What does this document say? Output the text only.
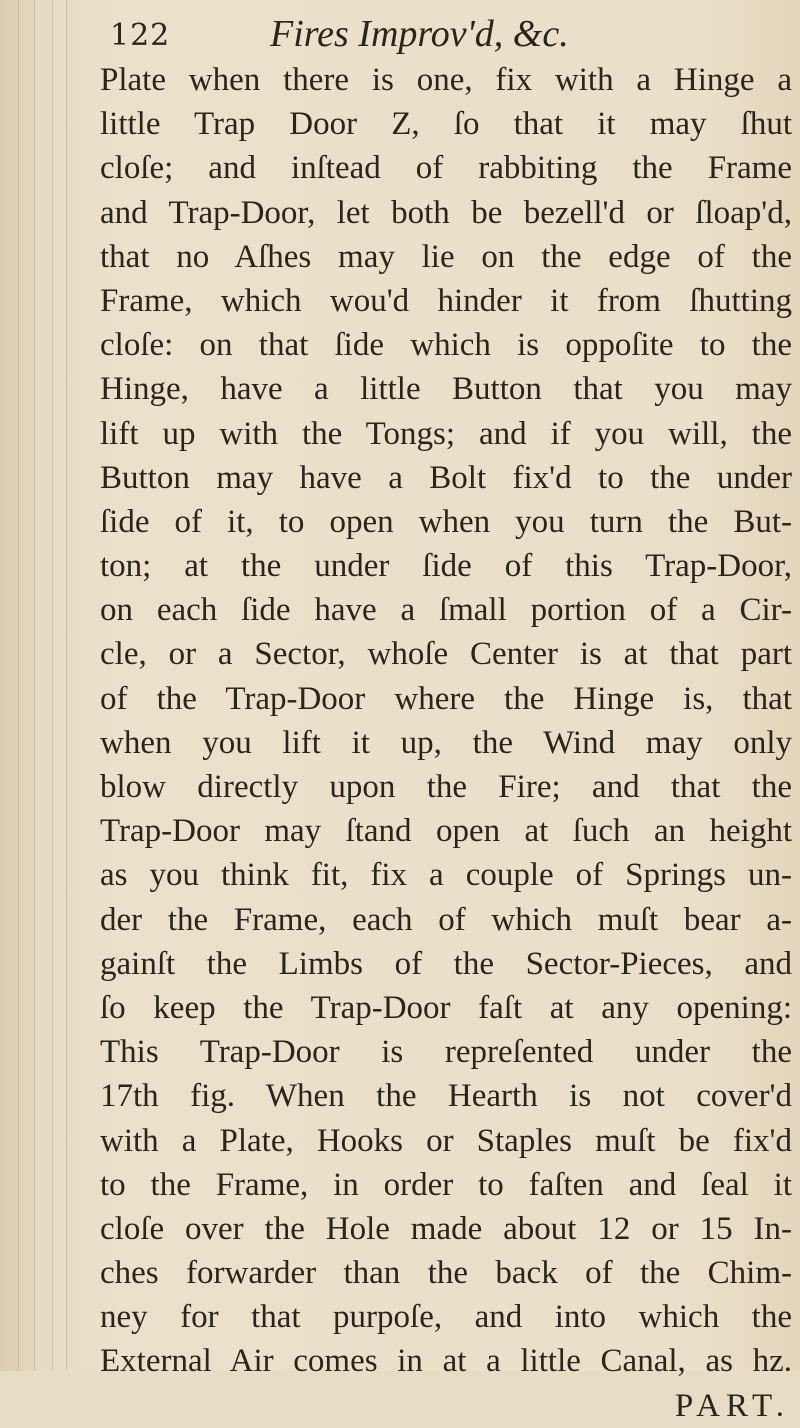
122	Fires Improv'd, &c.
Plate when there is one, fix with a Hinge a
little Trap Door Z, ſo that it may ſhut
cloſe; and inſtead of rabbiting the Frame
and Trap-Door, let both be bezell'd or ſloap'd,
that no Aſhes may lie on the edge of the
Frame, which wou'd hinder it from ſhutting
cloſe: on that ſide which is oppoſite to the
Hinge, have a little Button that you may
lift up with the Tongs; and if you will, the
Button may have a Bolt fix'd to the under
ſide of it, to open when you turn the But-
ton; at the under ſide of this Trap-Door,
on each ſide have a ſmall portion of a Cir-
cle, or a Sector, whoſe Center is at that part
of the Trap-Door where the Hinge is, that
when you lift it up, the Wind may only
blow directly upon the Fire; and that the
Trap-Door may ſtand open at ſuch an height
as you think fit, fix a couple of Springs un-
der the Frame, each of which muſt bear a-
gainſt the Limbs of the Sector-Pieces, and
ſo keep the Trap-Door faſt at any opening:
This Trap-Door is repreſented under the
17th fig. When the Hearth is not cover'd
with a Plate, Hooks or Staples muſt be fix'd
to the Frame, in order to faſten and ſeal it
cloſe over the Hole made about 12 or 15 In-
ches forwarder than the back of the Chim-
ney for that purpoſe, and into which the
External Air comes in at a little Canal, as hz.
PART.
